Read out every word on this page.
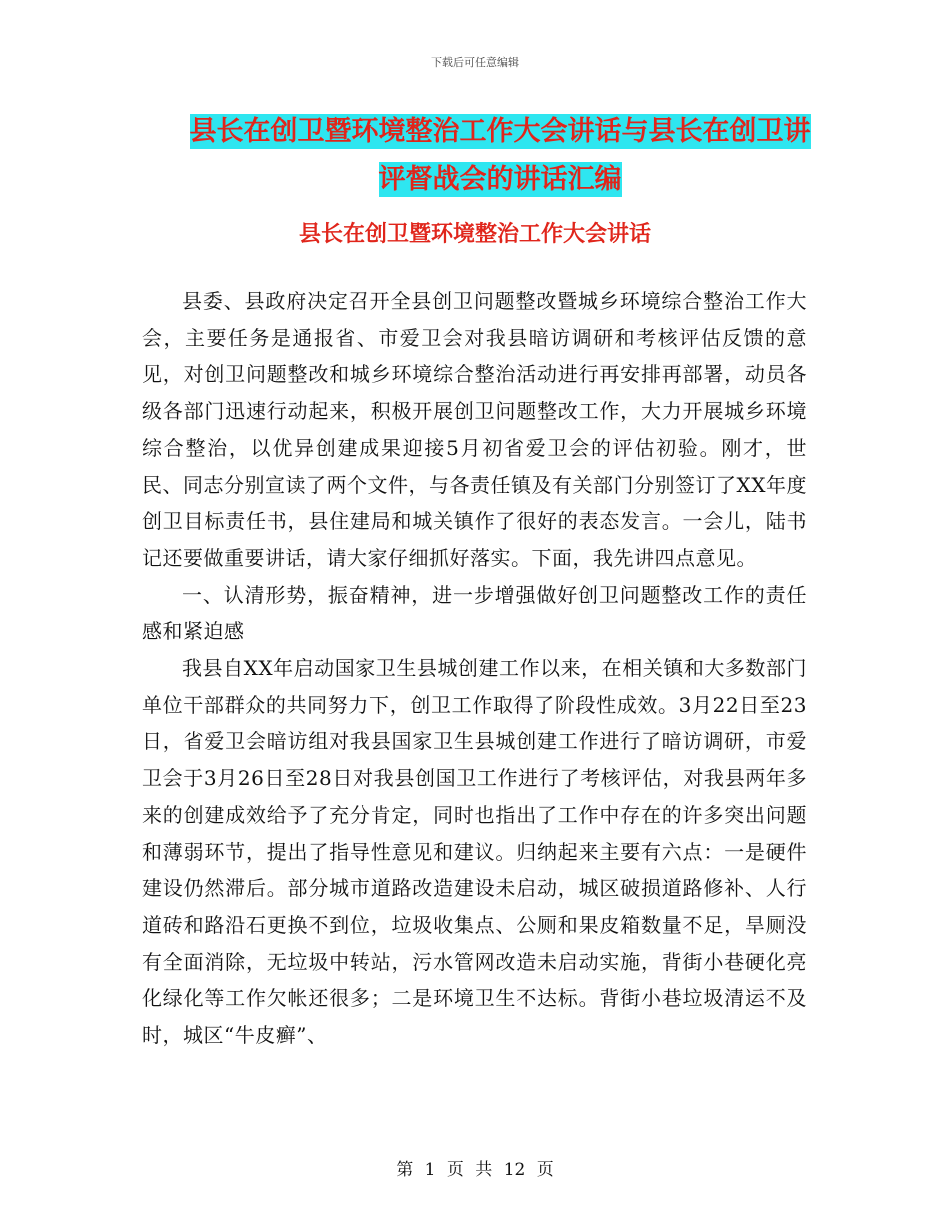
下载后可任意编辑
县长在创卫暨环境整治工作大会讲话与县长在创卫讲
评督战会的讲话汇编
县长在创卫暨环境整治工作大会讲话

县委、县政府决定召开全县创卫问题整改暨城乡环境综合整治工作大会，主要任务是通报省、市爱卫会对我县暗访调研和考核评估反馈的意见，对创卫问题整改和城乡环境综合整治活动进行再安排再部署，动员各级各部门迅速行动起来，积极开展创卫问题整改工作，大力开展城乡环境综合整治，以优异创建成果迎接5月初省爱卫会的评估初验。刚才，世民、同志分别宣读了两个文件，与各责任镇及有关部门分别签订了XX年度创卫目标责任书，县住建局和城关镇作了很好的表态发言。一会儿，陆书记还要做重要讲话，请大家仔细抓好落实。下面，我先讲四点意见。

一、认清形势，振奋精神，进一步增强做好创卫问题整改工作的责任感和紧迫感

我县自XX年启动国家卫生县城创建工作以来，在相关镇和大多数部门单位干部群众的共同努力下，创卫工作取得了阶段性成效。3月22日至23日，省爱卫会暗访组对我县国家卫生县城创建工作进行了暗访调研，市爱卫会于3月26日至28日对我县创国卫工作进行了考核评估，对我县两年多来的创建成效给予了充分肯定，同时也指出了工作中存在的许多突出问题和薄弱环节，提出了指导性意见和建议。归纳起来主要有六点：一是硬件建设仍然滞后。部分城市道路改造建设未启动，城区破损道路修补、人行道砖和路沿石更换不到位，垃圾收集点、公厕和果皮箱数量不足，旱厕没有全面消除，无垃圾中转站，污水管网改造未启动实施，背街小巷硬化亮化绿化等工作欠帐还很多；二是环境卫生不达标。背街小巷垃圾清运不及时，城区“牛皮癣”、

第 1 页 共 12 页
